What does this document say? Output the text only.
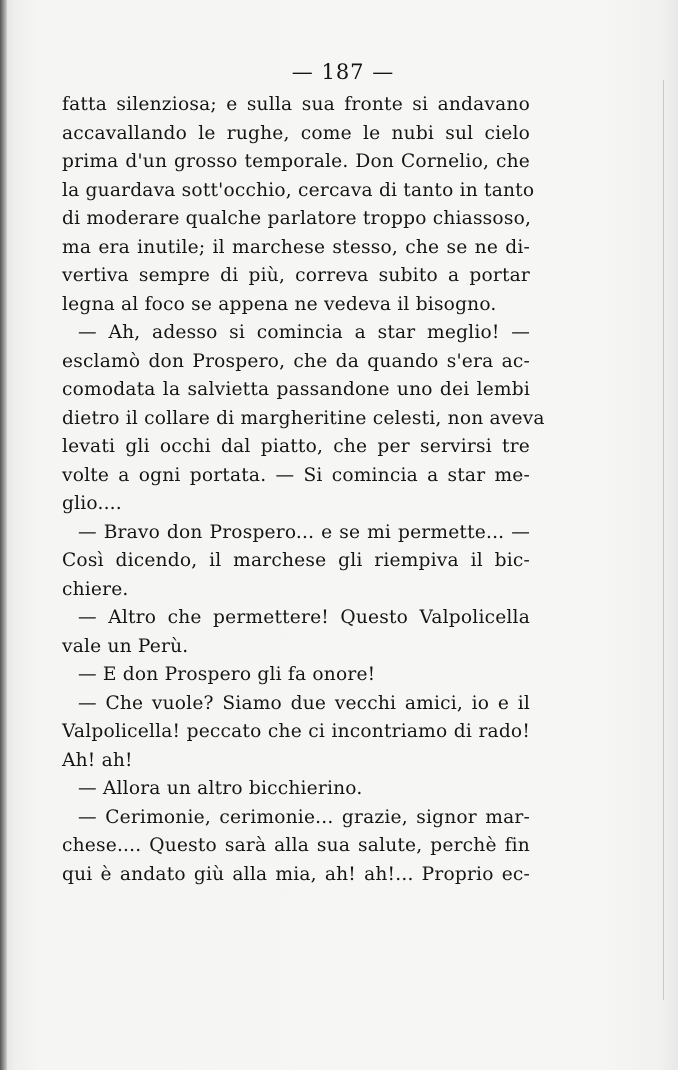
— 187 —
fatta silenziosa; e sulla sua fronte si andavano
accavallando le rughe, come le nubi sul cielo
prima d'un grosso temporale. Don Cornelio, che
la guardava sott'occhio, cercava di tanto in tanto
di moderare qualche parlatore troppo chiassoso,
ma era inutile; il marchese stesso, che se ne di-
vertiva sempre di più, correva subito a portar
legna al foco se appena ne vedeva il bisogno.
— Ah, adesso si comincia a star meglio! —
esclamò don Prospero, che da quando s'era ac-
comodata la salvietta passandone uno dei lembi
dietro il collare di margheritine celesti, non aveva
levati gli occhi dal piatto, che per servirsi tre
volte a ogni portata. — Si comincia a star me-
glio....
— Bravo don Prospero... e se mi permette... —
Così dicendo, il marchese gli riempiva il bic-
chiere.
— Altro che permettere! Questo Valpolicella
vale un Perù.
— E don Prospero gli fa onore!
— Che vuole? Siamo due vecchi amici, io e il
Valpolicella! peccato che ci incontriamo di rado!
Ah! ah!
— Allora un altro bicchierino.
— Cerimonie, cerimonie... grazie, signor mar-
chese.... Questo sarà alla sua salute, perchè fin
qui è andato giù alla mia, ah! ah!... Proprio ec-
